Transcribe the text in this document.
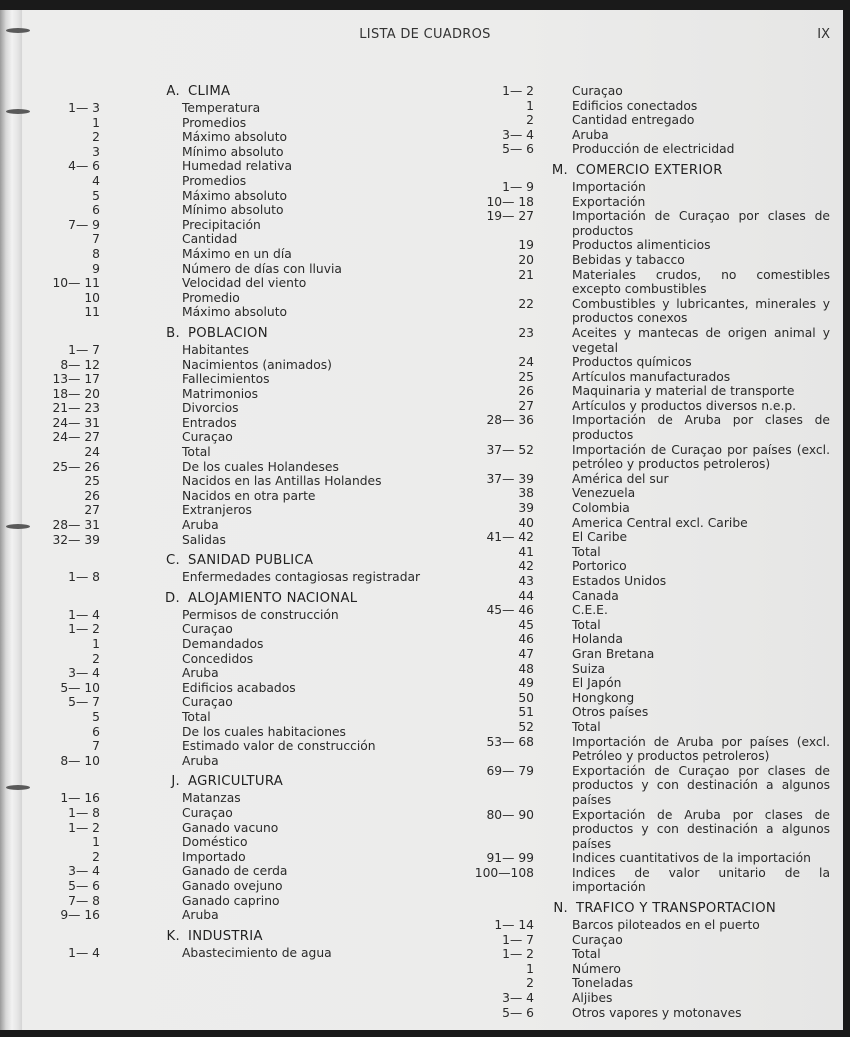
LISTA DE CUADROS	IX
A. CLIMA
1— 3	Temperatura
1	Promedios
2	Máximo absoluto
3	Mínimo absoluto
4— 6	Humedad relativa
4	Promedios
5	Máximo absoluto
6	Mínimo absoluto
7— 9	Precipitación
7	Cantidad
8	Máximo en un día
9	Número de días con lluvia
10— 11	Velocidad del viento
10	Promedio
11	Máximo absoluto
B. POBLACION
1— 7	Habitantes
8— 12	Nacimientos (animados)
13— 17	Fallecimientos
18— 20	Matrimonios
21— 23	Divorcios
24— 31	Entrados
24— 27	Curaçao
24	Total
25— 26	De los cuales Holandeses
25	Nacidos en las Antillas Holandes
26	Nacidos en otra parte
27	Extranjeros
28— 31	Aruba
32— 39	Salidas
C. SANIDAD PUBLICA
1— 8	Enfermedades contagiosas registradar
D. ALOJAMIENTO NACIONAL
1— 4	Permisos de construcción
1— 2	Curaçao
1	Demandados
2	Concedidos
3— 4	Aruba
5— 10	Edificios acabados
5— 7	Curaçao
5	Total
6	De los cuales habitaciones
7	Estimado valor de construcción
8— 10	Aruba
J. AGRICULTURA
1— 16	Matanzas
1— 8	Curaçao
1— 2	Ganado vacuno
1	Doméstico
2	Importado
3— 4	Ganado de cerda
5— 6	Ganado ovejuno
7— 8	Ganado caprino
9— 16	Aruba
K. INDUSTRIA
1— 4	Abastecimiento de agua
1— 2	Curaçao
1	Edificios conectados
2	Cantidad entregado
3— 4	Aruba
5— 6	Producción de electricidad
M. COMERCIO EXTERIOR
1— 9	Importación
10— 18	Exportación
19— 27	Importación de Curaçao por clases de productos
19	Productos alimenticios
20	Bebidas y tabacco
21	Materiales crudos, no comestibles excepto combustibles
22	Combustibles y lubricantes, minerales y productos conexos
23	Aceites y mantecas de origen animal y vegetal
24	Productos químicos
25	Artículos manufacturados
26	Maquinaria y material de transporte
27	Artículos y productos diversos n.e.p.
28— 36	Importación de Aruba por clases de productos
37— 52	Importación de Curaçao por países (excl. petróleo y productos petroleros)
37— 39	América del sur
38	Venezuela
39	Colombia
40	America Central excl. Caribe
41— 42	El Caribe
41	Total
42	Portorico
43	Estados Unidos
44	Canada
45— 46	C.E.E.
45	Total
46	Holanda
47	Gran Bretana
48	Suiza
49	El Japón
50	Hongkong
51	Otros países
52	Total
53— 68	Importación de Aruba por países (excl. Petróleo y productos petroleros)
69— 79	Exportación de Curaçao por clases de productos y con destinación a algunos países
80— 90	Exportación de Aruba por clases de productos y con destinación a algunos países
91— 99	Indices cuantitativos de la importación
100—108	Indices de valor unitario de la importación
N. TRAFICO Y TRANSPORTACION
1— 14	Barcos piloteados en el puerto
1— 7	Curaçao
1— 2	Total
1	Número
2	Toneladas
3— 4	Aljibes
5— 6	Otros vapores y motonaves
